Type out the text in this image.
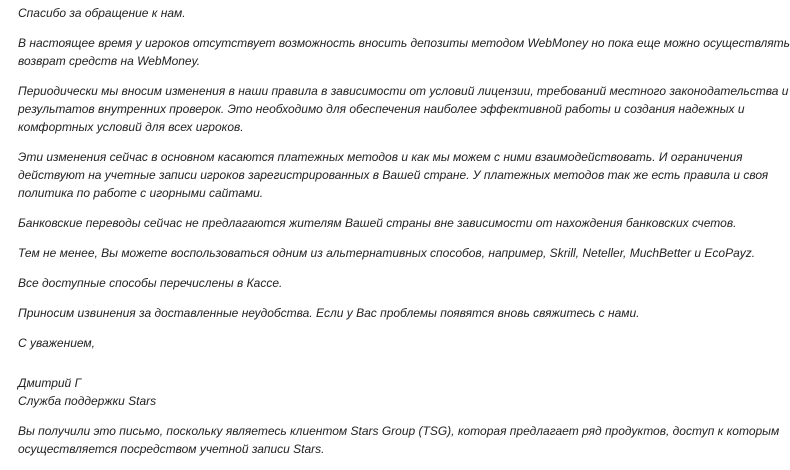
Спасибо за обращение к нам.

В настоящее время у игроков отсутствует возможность вносить депозиты методом WebMoney но пока еще можно осуществлять
возврат средств на WebMoney.

Периодически мы вносим изменения в наши правила в зависимости от условий лицензии, требований местного законодательства и
результатов внутренних проверок. Это необходимо для обеспечения наиболее эффективной работы и создания надежных и
комфортных условий для всех игроков.

Эти изменения сейчас в основном касаются платежных методов и как мы можем с ними взаимодействовать. И ограничения
действуют на учетные записи игроков зарегистрированных в Вашей стране. У платежных методов так же есть правила и своя
политика по работе с игорными сайтами.

Банковские переводы сейчас не предлагаются жителям Вашей страны вне зависимости от нахождения банковских счетов.

Тем не менее, Вы можете воспользоваться одним из альтернативных способов, например, Skrill, Neteller, MuchBetter и EcoPayz.

Все доступные способы перечислены в Кассе.

Приносим извинения за доставленные неудобства. Если у Вас проблемы появятся вновь свяжитесь с нами.

С уважением,

Дмитрий Г
Служба поддержки Stars

Вы получили это письмо, поскольку являетесь клиентом Stars Group (TSG), которая предлагает ряд продуктов, доступ к которым
осуществляется посредством учетной записи Stars.
